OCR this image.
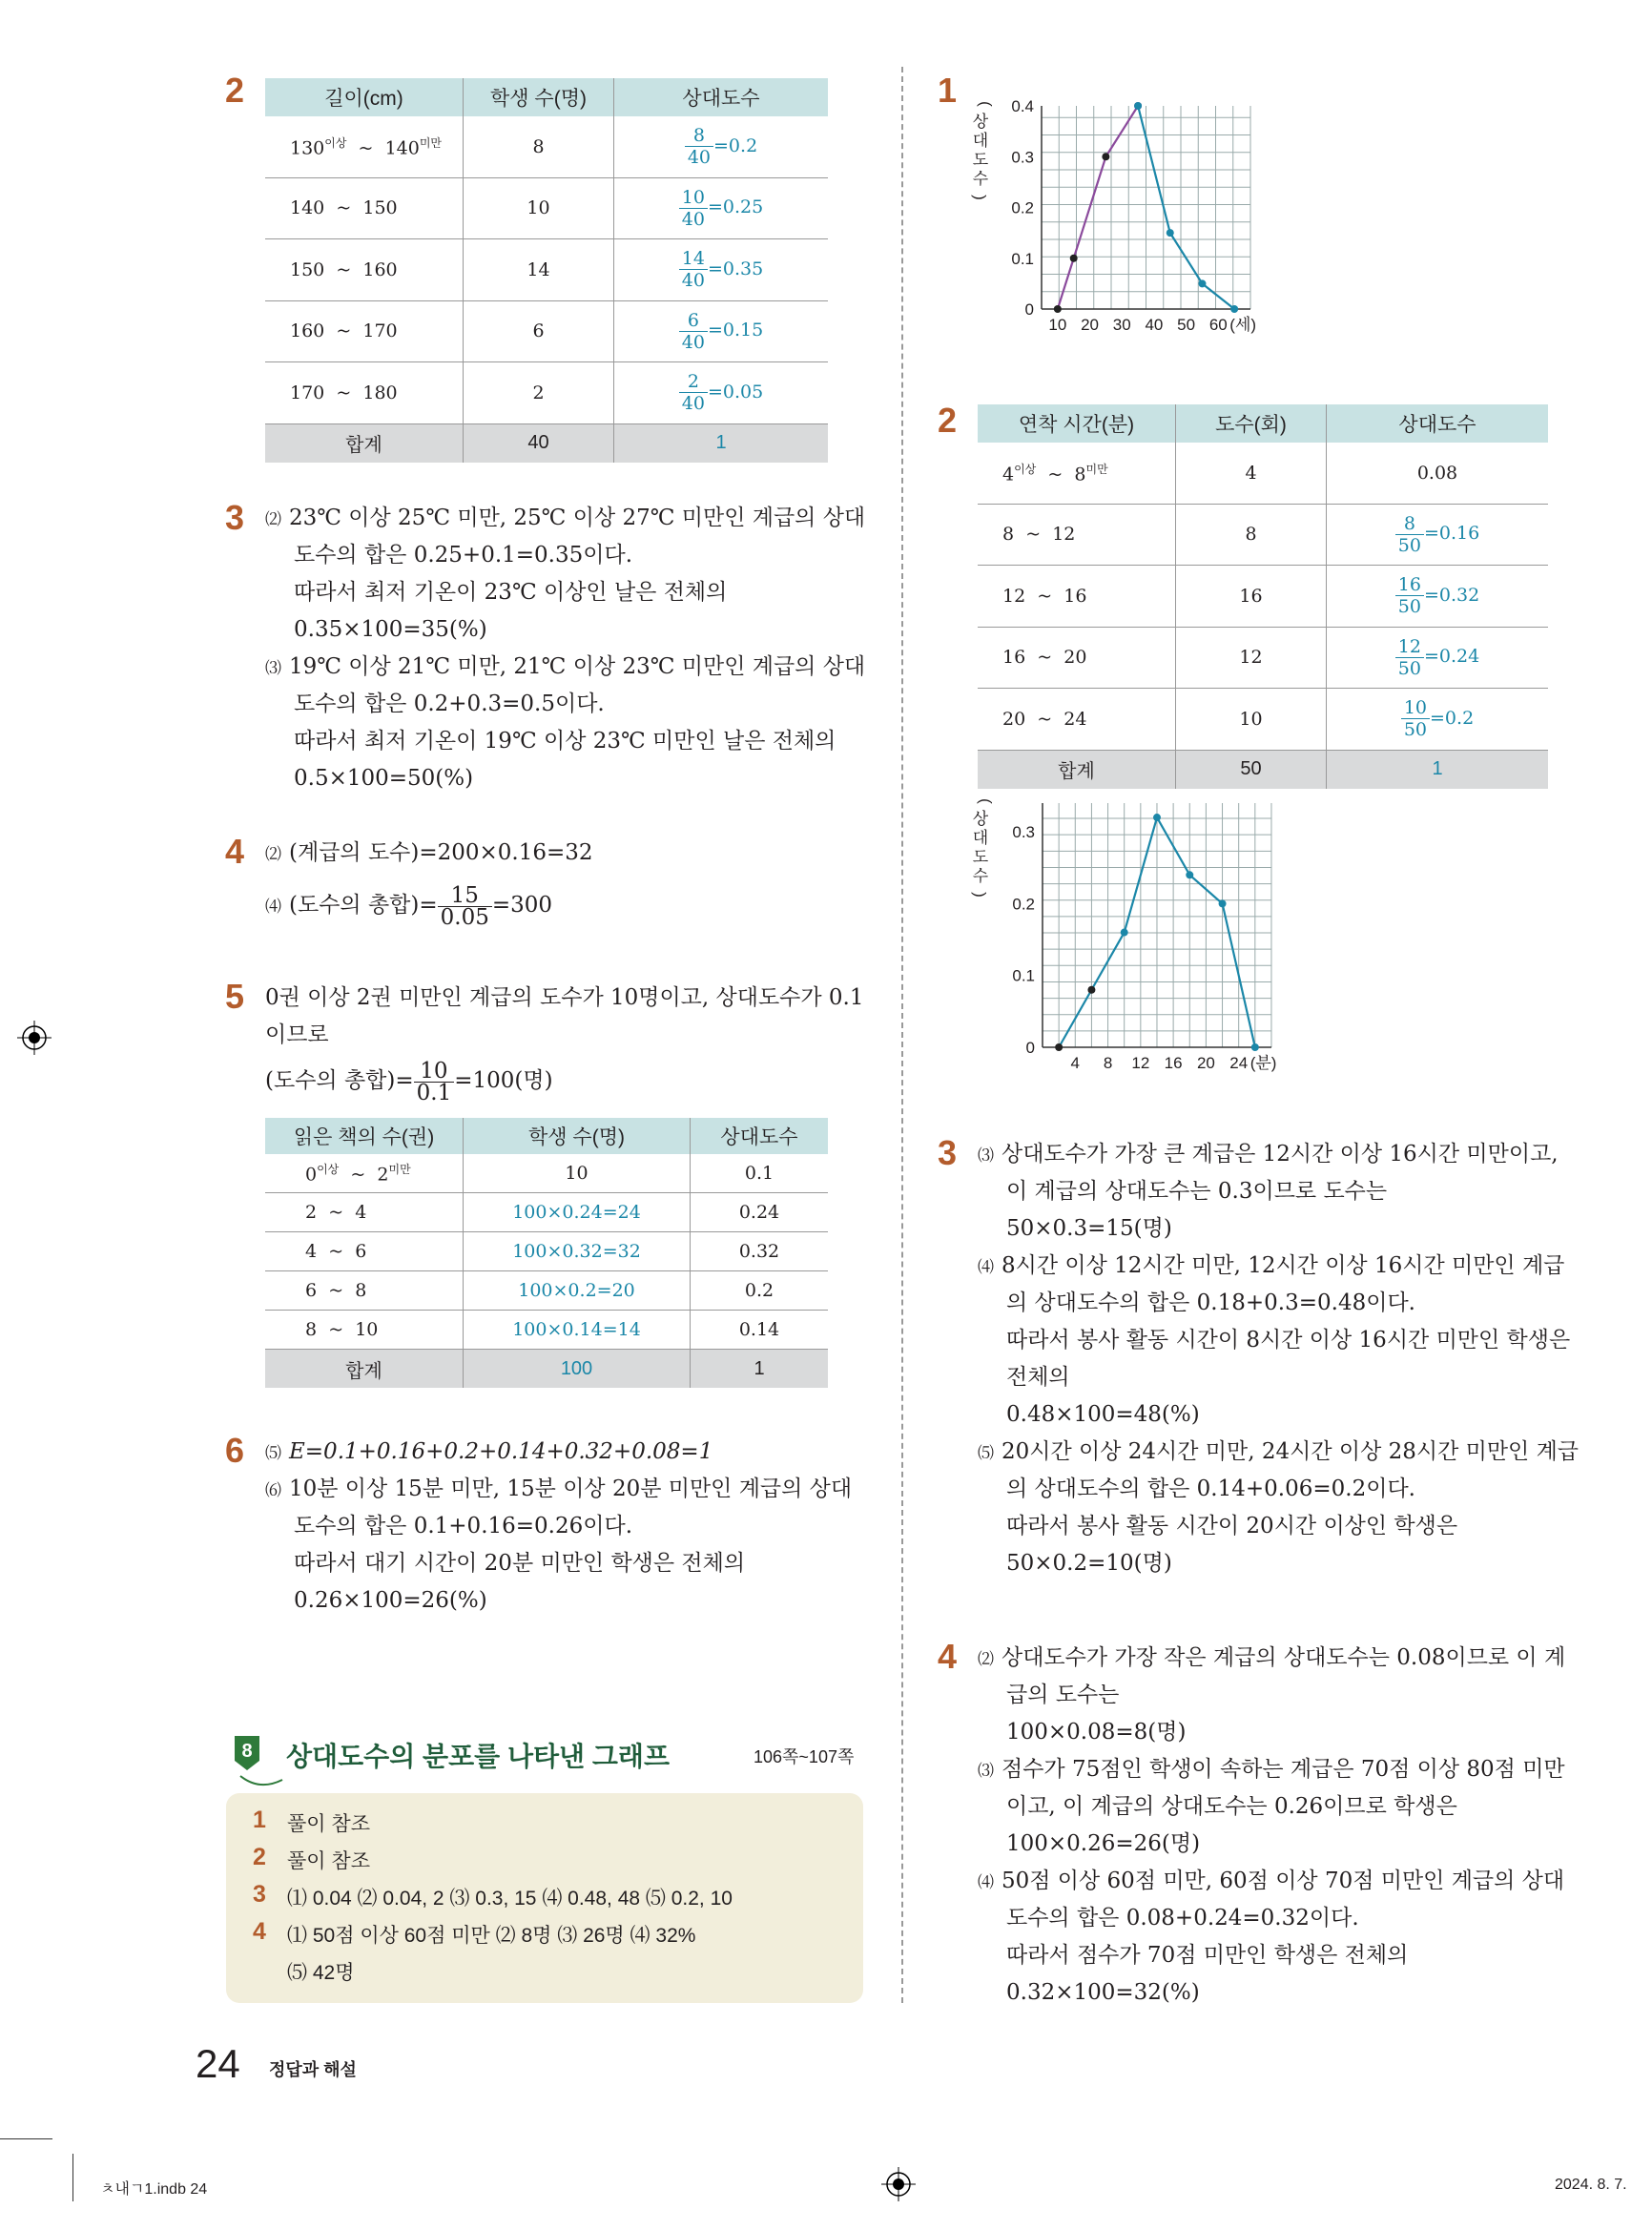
2	길이(cm)	학생 수(명)	상대도수
$130^{이상}$ ~ $140^{미만}$	8	$\frac{8}{40} =0.2$
140 ~ 150	10	$\frac{10}{40} =0.25$
150 ~ 160	14	$\frac{14}{40} =0.35$
160 ~ 170	6	$\frac{6}{40} =0.15$
170 ~ 180	2	$\frac{2}{40} =0.05$
합계	40	1
3 ⑵ 23℃ 이상 25℃ 미만, 25℃ 이상 27℃ 미만인 계급의 상대
도수의 합은 0.25+0.1=0.35이다.
따라서 최저 기온이 23℃ 이상인 날은 전체의
0.35×100=35(%)
⑶ 19℃ 이상 21℃ 미만, 21℃ 이상 23℃ 미만인 계급의 상대
도수의 합은 0.2+0.3=0.5이다.
따라서 최저 기온이 19℃ 이상 23℃ 미만인 날은 전체의
0.5×100=50(%)
4 ⑵ (계급의 도수)=200×0.16=32
⑷ (도수의 총합)= $\frac{15}{0.05} =300$
5 0권 이상 2권 미만인 계급의 도수가 10명이고, 상대도수가 0.1
이므로
(도수의 총합)= $\frac{10}{0.1} =100$(명)
읽은 책의 수(권)	학생 수(명)	상대도수
$0^{이상}$ ~ $2^{미만}$	10	0.1
2 ~ 4	100×0.24=24	0.24
4 ~ 6	100×0.32=32	0.32
6 ~ 8	100×0.2=20	0.2
8 ~ 10	100×0.14=14	0.14
합계	100	1
6 ⑸ E=0.1+0.16+0.2+0.14+0.32+0.08=1
⑹ 10분 이상 15분 미만, 15분 이상 20분 미만인 계급의 상대
도수의 합은 0.1+0.16=0.26이다.
따라서 대기 시간이 20분 미만인 학생은 전체의
0.26×100=26(%)
8 상대도수의 분포를 나타낸 그래프	106쪽~107쪽
1 풀이 참조
2 풀이 참조
3 ⑴ 0.04 ⑵ 0.04, 2 ⑶ 0.3, 15 ⑷ 0.48, 48 ⑸ 0.2, 10
4 ⑴ 50점 이상 60점 미만 ⑵ 8명 ⑶ 26명 ⑷ 32%
⑸ 42명
1
0
0.1
0.2
0.3
0.4
10 20 30 40 50 60 (세)
(
상
대
도
수
)
2	연착 시간(분)	도수(회)	상대도수
$4^{이상}$ ~ $8^{미만}$	4	0.08
8 ~ 12	8	$\frac{8}{50} =0.16$
12 ~ 16	16	$\frac{16}{50} =0.32$
16 ~ 20	12	$\frac{12}{50} =0.24$
20 ~ 24	10	$\frac{10}{50} =0.2$
합계	50	1
0
0.1
0.2
0.3
4 8 12 16 20 24 (분)
(
상
대
도
수
)
3 ⑶ 상대도수가 가장 큰 계급은 12시간 이상 16시간 미만이고,
이 계급의 상대도수는 0.3이므로 도수는
50×0.3=15(명)
⑷ 8시간 이상 12시간 미만, 12시간 이상 16시간 미만인 계급
의 상대도수의 합은 0.18+0.3=0.48이다.
따라서 봉사 활동 시간이 8시간 이상 16시간 미만인 학생은
전체의
0.48×100=48(%)
⑸ 20시간 이상 24시간 미만, 24시간 이상 28시간 미만인 계급
의 상대도수의 합은 0.14+0.06=0.2이다.
따라서 봉사 활동 시간이 20시간 이상인 학생은
50×0.2=10(명)
4 ⑵ 상대도수가 가장 작은 계급의 상대도수는 0.08이므로 이 계
급의 도수는
100×0.08=8(명)
⑶ 점수가 75점인 학생이 속하는 계급은 70점 이상 80점 미만
이고, 이 계급의 상대도수는 0.26이므로 학생은
100×0.26=26(명)
⑷ 50점 이상 60점 미만, 60점 이상 70점 미만인 계급의 상대
도수의 합은 0.08+0.24=0.32이다.
따라서 점수가 70점 미만인 학생은 전체의
0.32×100=32(%)
24 정답과 해설
ㅊ내ㄱ1.indb 24	2024. 8. 7.
